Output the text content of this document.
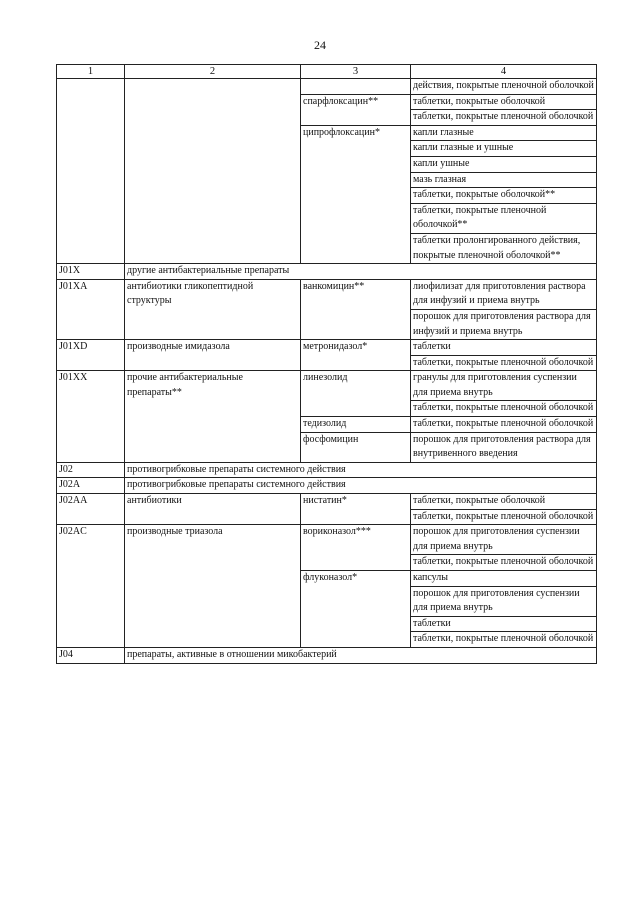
24
1	2	3	4
			действия, покрытые пленочной оболочкой
		спарфлоксацин**	таблетки, покрытые оболочкой
			таблетки, покрытые пленочной оболочкой
		ципрофлоксацин*	капли глазные
			капли глазные и ушные
			капли ушные
			мазь глазная
			таблетки, покрытые оболочкой**
			таблетки, покрытые пленочной оболочкой**
			таблетки пролонгированного действия, покрытые пленочной оболочкой**
J01X	другие антибактериальные препараты		
J01XA	антибиотики гликопептидной структуры	ванкомицин**	лиофилизат для приготовления раствора для инфузий и приема внутрь
			порошок для приготовления раствора для инфузий и приема внутрь
J01XD	производные имидазола	метронидазол*	таблетки
			таблетки, покрытые пленочной оболочкой
J01XX	прочие антибактериальные препараты**	линезолид	гранулы для приготовления суспензии для приема внутрь
			таблетки, покрытые пленочной оболочкой
		тедизолид	таблетки, покрытые пленочной оболочкой
		фосфомицин	порошок для приготовления раствора для внутривенного введения
J02	противогрибковые препараты системного действия		
J02A	противогрибковые препараты системного действия		
J02AA	антибиотики	нистатин*	таблетки, покрытые оболочкой
			таблетки, покрытые пленочной оболочкой
J02AC	производные триазола	вориконазол***	порошок для приготовления суспензии для приема внутрь
			таблетки, покрытые пленочной оболочкой
		флуконазол*	капсулы
			порошок для приготовления суспензии для приема внутрь
			таблетки
			таблетки, покрытые пленочной оболочкой
J04	препараты, активные в отношении микобактерий		
